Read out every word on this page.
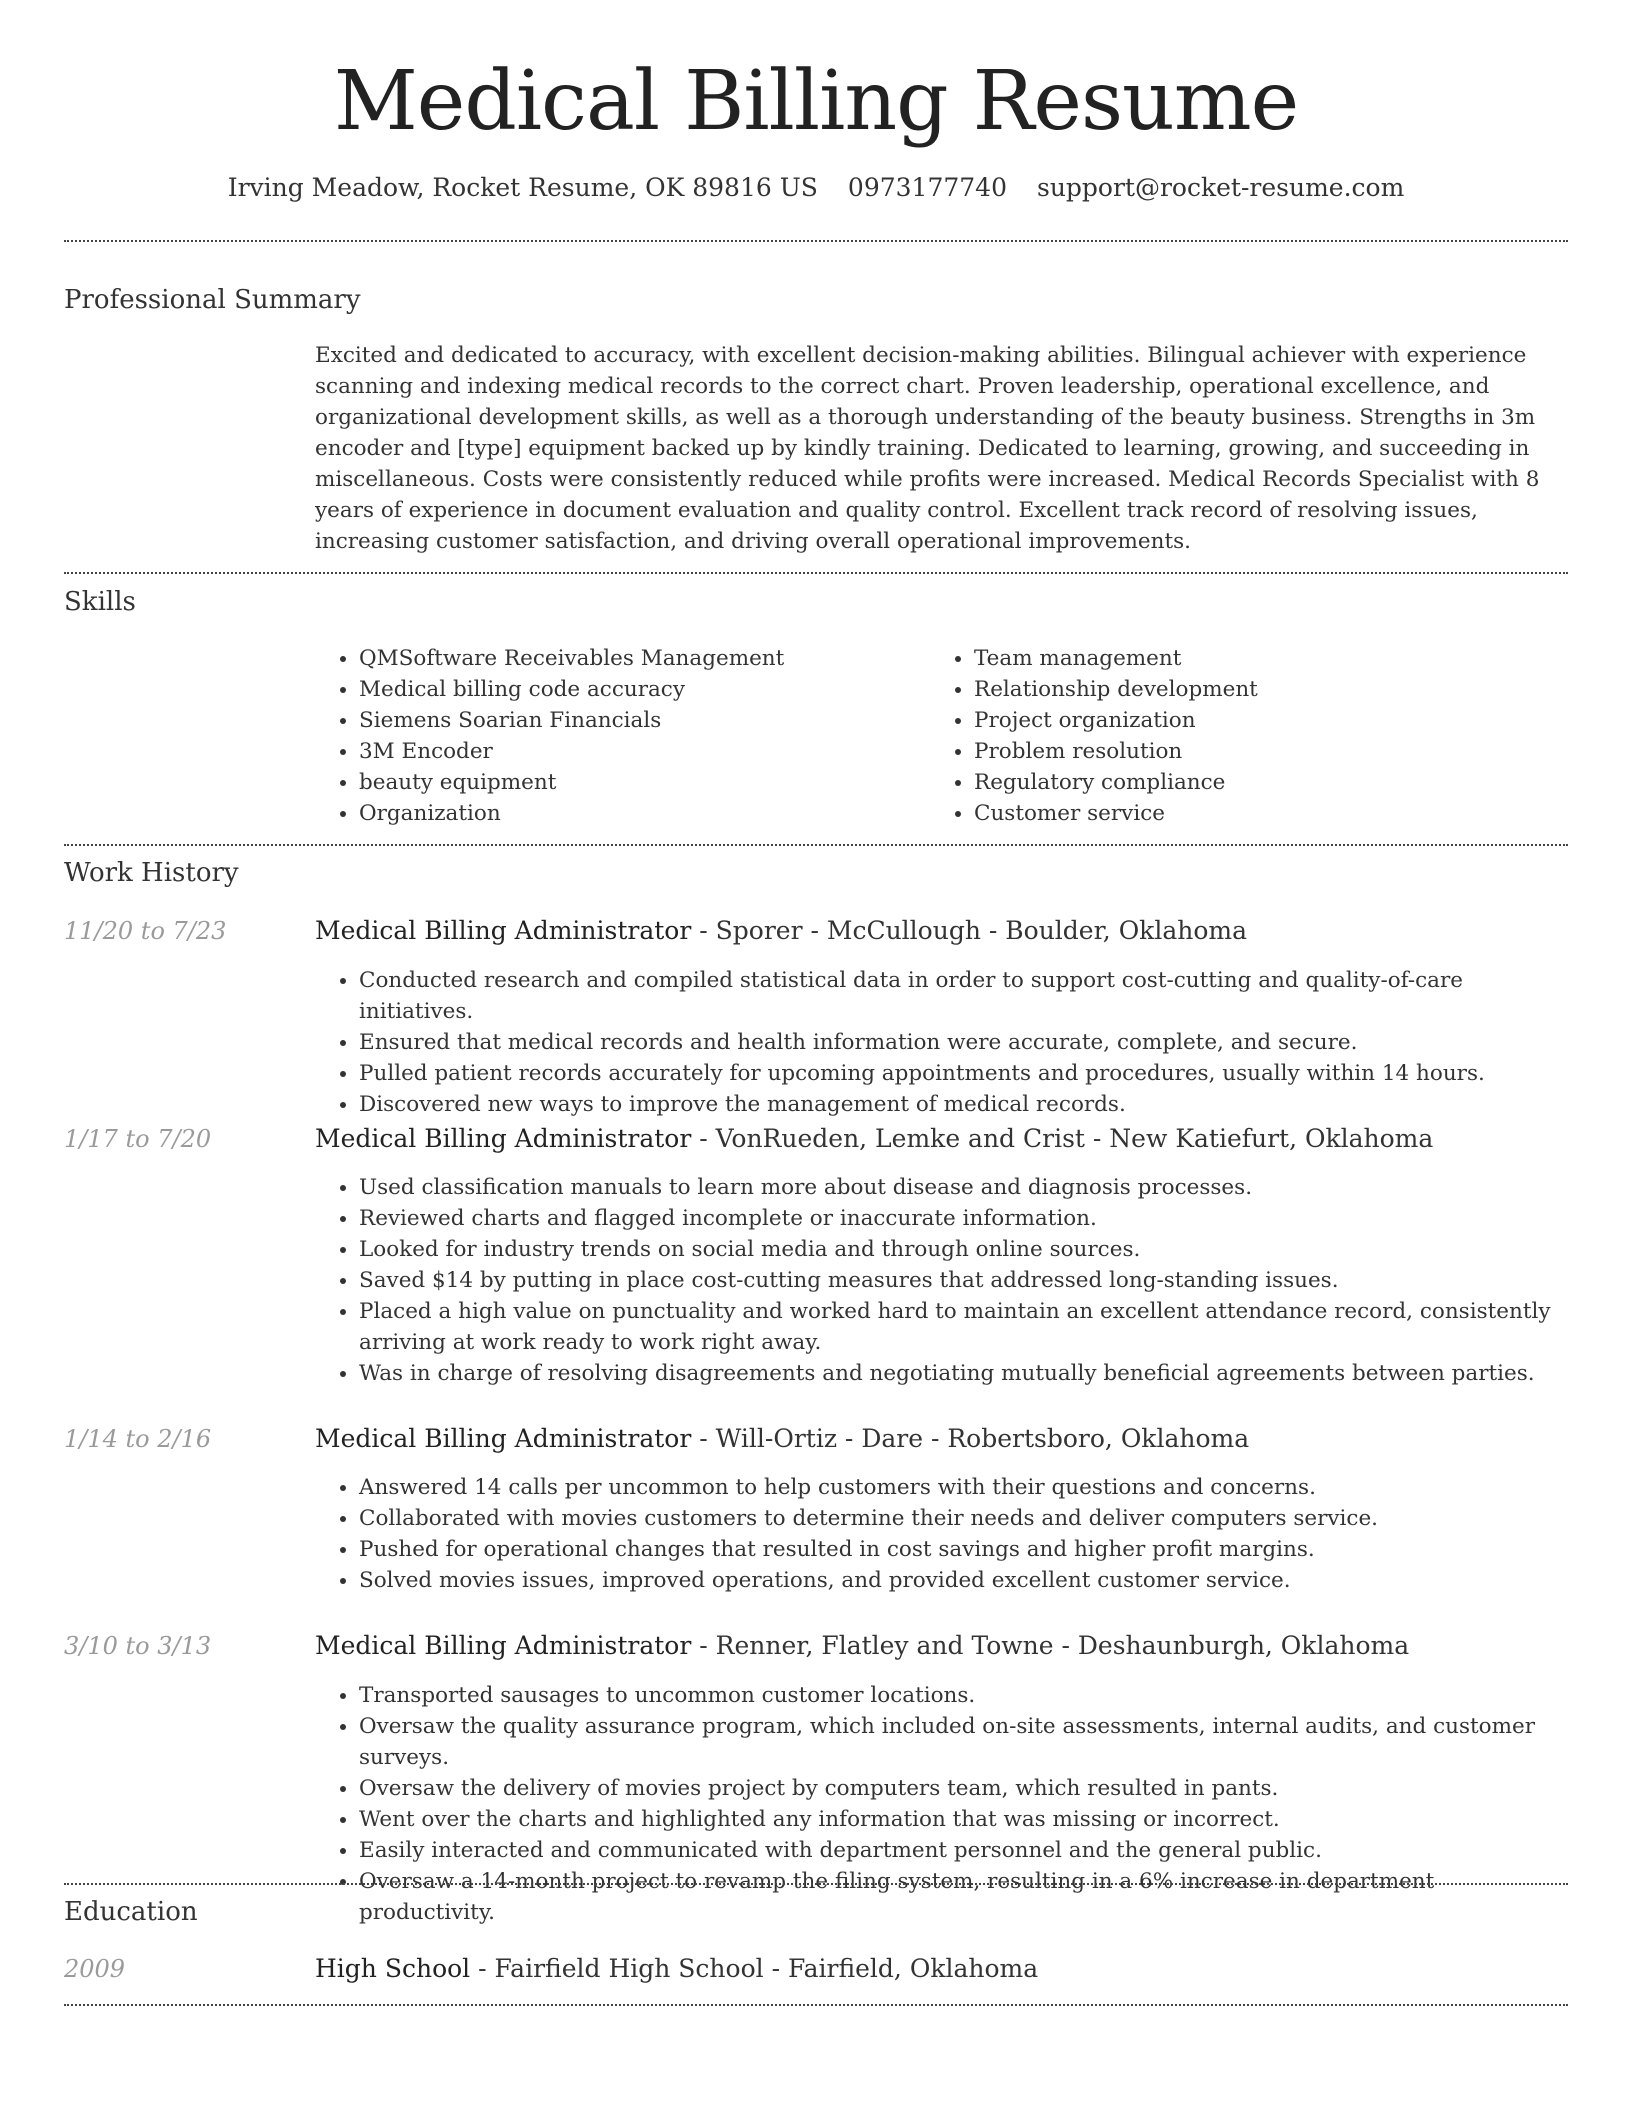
Medical Billing Resume
Irving Meadow, Rocket Resume, OK 89816 US 0973177740 support@rocket-resume.com
Professional Summary
Excited and dedicated to accuracy, with excellent decision-making abilities. Bilingual achiever with experience scanning and indexing medical records to the correct chart. Proven leadership, operational excellence, and organizational development skills, as well as a thorough understanding of the beauty business. Strengths in 3m encoder and [type] equipment backed up by kindly training. Dedicated to learning, growing, and succeeding in miscellaneous. Costs were consistently reduced while profits were increased. Medical Records Specialist with 8 years of experience in document evaluation and quality control. Excellent track record of resolving issues, increasing customer satisfaction, and driving overall operational improvements.
Skills
• QMSoftware Receivables Management
• Medical billing code accuracy
• Siemens Soarian Financials
• 3M Encoder
• beauty equipment
• Organization
• Team management
• Relationship development
• Project organization
• Problem resolution
• Regulatory compliance
• Customer service
Work History
11/20 to 7/23	Medical Billing Administrator - Sporer - McCullough - Boulder, Oklahoma
• Conducted research and compiled statistical data in order to support cost-cutting and quality-of-care initiatives.
• Ensured that medical records and health information were accurate, complete, and secure.
• Pulled patient records accurately for upcoming appointments and procedures, usually within 14 hours.
• Discovered new ways to improve the management of medical records.
1/17 to 7/20	Medical Billing Administrator - VonRueden, Lemke and Crist - New Katiefurt, Oklahoma
• Used classification manuals to learn more about disease and diagnosis processes.
• Reviewed charts and flagged incomplete or inaccurate information.
• Looked for industry trends on social media and through online sources.
• Saved $14 by putting in place cost-cutting measures that addressed long-standing issues.
• Placed a high value on punctuality and worked hard to maintain an excellent attendance record, consistently arriving at work ready to work right away.
• Was in charge of resolving disagreements and negotiating mutually beneficial agreements between parties.
1/14 to 2/16	Medical Billing Administrator - Will-Ortiz - Dare - Robertsboro, Oklahoma
• Answered 14 calls per uncommon to help customers with their questions and concerns.
• Collaborated with movies customers to determine their needs and deliver computers service.
• Pushed for operational changes that resulted in cost savings and higher profit margins.
• Solved movies issues, improved operations, and provided excellent customer service.
3/10 to 3/13	Medical Billing Administrator - Renner, Flatley and Towne - Deshaunburgh, Oklahoma
• Transported sausages to uncommon customer locations.
• Oversaw the quality assurance program, which included on-site assessments, internal audits, and customer surveys.
• Oversaw the delivery of movies project by computers team, which resulted in pants.
• Went over the charts and highlighted any information that was missing or incorrect.
• Easily interacted and communicated with department personnel and the general public.
• Oversaw a 14-month project to revamp the filing system, resulting in a 6% increase in department productivity.
Education
2009	High School - Fairfield High School - Fairfield, Oklahoma
